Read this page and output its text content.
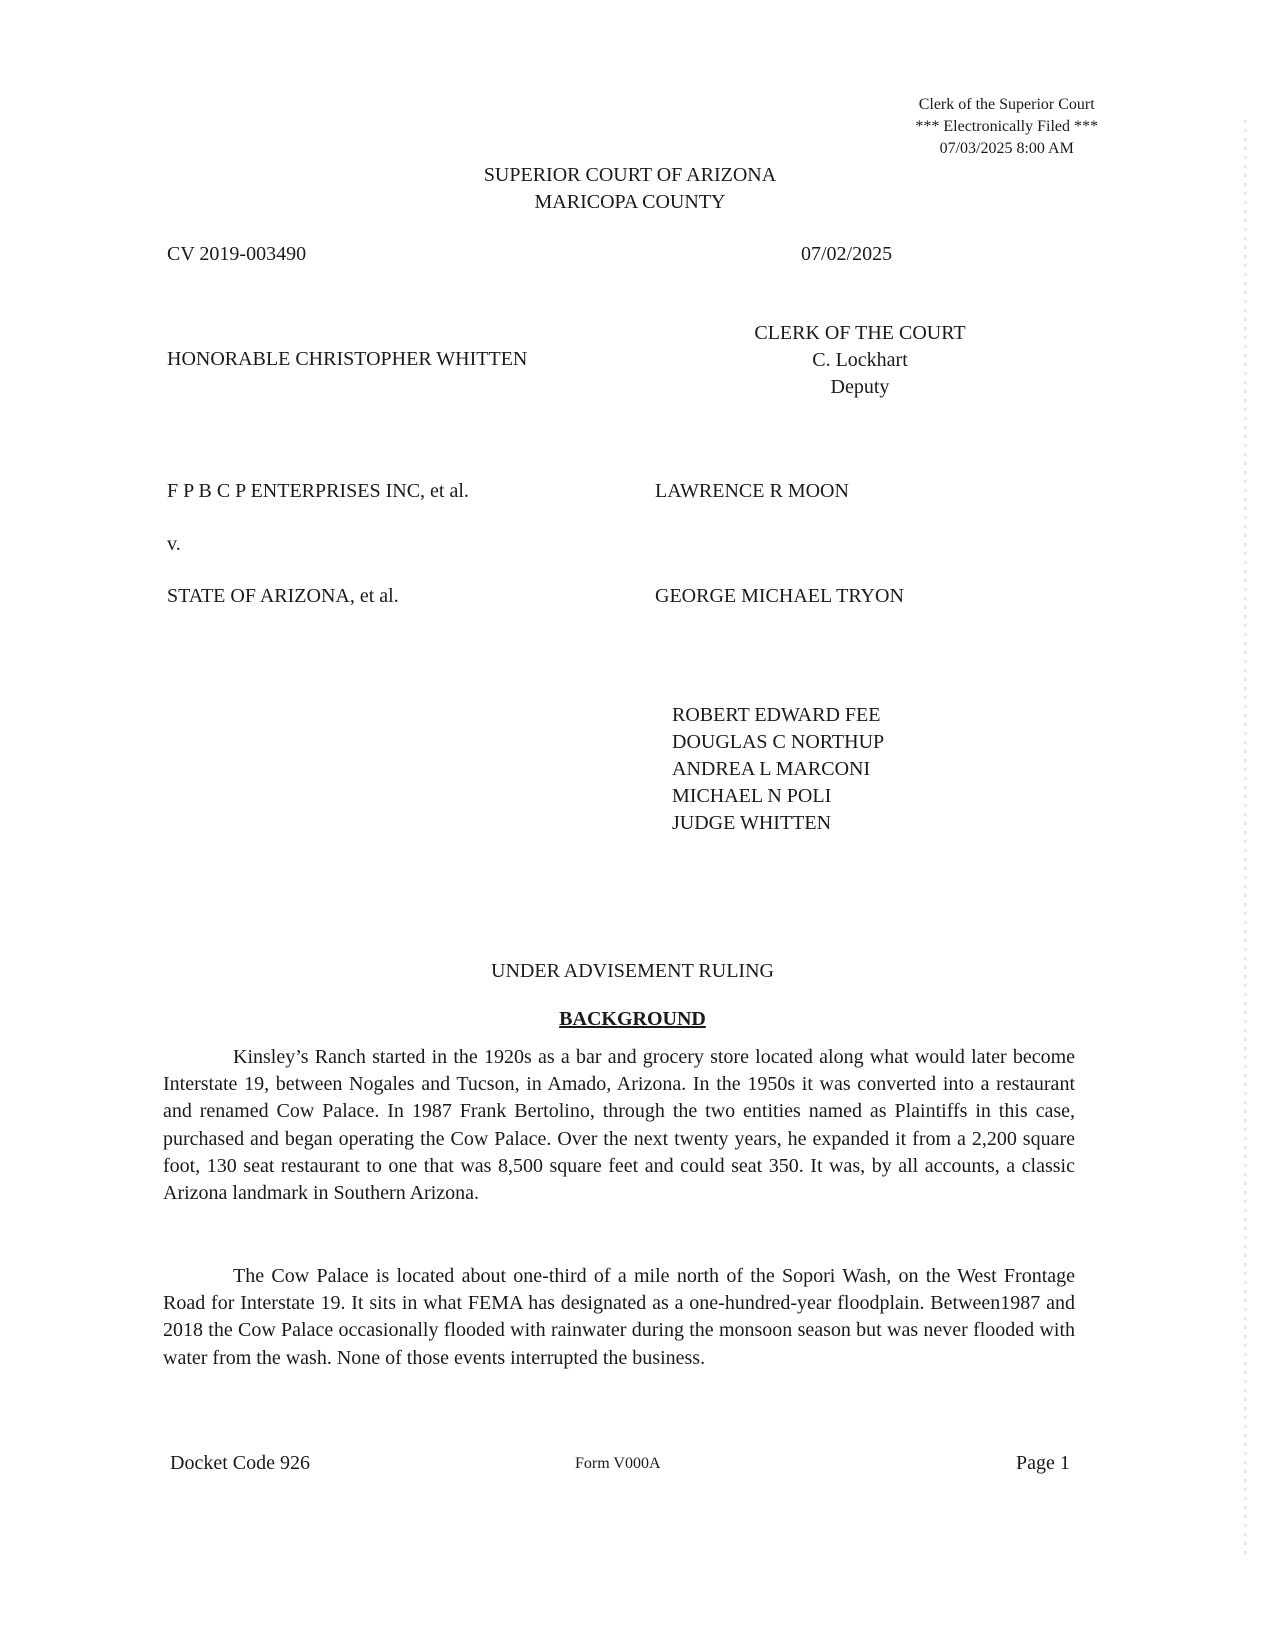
Clerk of the Superior Court
*** Electronically Filed ***
07/03/2025 8:00 AM
SUPERIOR COURT OF ARIZONA
MARICOPA COUNTY
CV 2019-003490	07/02/2025
HONORABLE CHRISTOPHER WHITTEN
CLERK OF THE COURT
C. Lockhart
Deputy
F P B C P ENTERPRISES INC, et al.	LAWRENCE R MOON
v.
STATE OF ARIZONA, et al.	GEORGE MICHAEL TRYON
ROBERT EDWARD FEE
DOUGLAS C NORTHUP
ANDREA L MARCONI
MICHAEL N POLI
JUDGE WHITTEN
UNDER ADVISEMENT RULING
BACKGROUND

Kinsley’s Ranch started in the 1920s as a bar and grocery store located along what would later become Interstate 19, between Nogales and Tucson, in Amado, Arizona. In the 1950s it was converted into a restaurant and renamed Cow Palace. In 1987 Frank Bertolino, through the two entities named as Plaintiffs in this case, purchased and began operating the Cow Palace. Over the next twenty years, he expanded it from a 2,200 square foot, 130 seat restaurant to one that was 8,500 square feet and could seat 350. It was, by all accounts, a classic Arizona landmark in Southern Arizona.

The Cow Palace is located about one-third of a mile north of the Sopori Wash, on the West Frontage Road for Interstate 19. It sits in what FEMA has designated as a one-hundred-year floodplain. Between1987 and 2018 the Cow Palace occasionally flooded with rainwater during the monsoon season but was never flooded with water from the wash. None of those events interrupted the business.

Docket Code 926	Form V000A	Page 1
